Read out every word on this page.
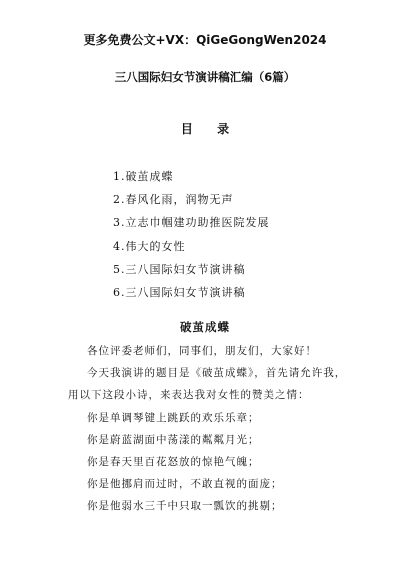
更多免费公文+VX：QiGeGongWen2024
三八国际妇女节演讲稿汇编（6篇）
目 录
1.破茧成蝶
2.春风化雨，润物无声
3.立志巾帼建功助推医院发展
4.伟大的女性
5.三八国际妇女节演讲稿
6.三八国际妇女节演讲稿
破茧成蝶
各位评委老师们，同事们，朋友们，大家好！
今天我演讲的题目是《破茧成蝶》，首先请允许我，
用以下这段小诗，来表达我对女性的赞美之情：
你是单调琴键上跳跃的欢乐乐章；
你是蔚蓝湖面中荡漾的粼粼月光；
你是春天里百花怒放的惊艳气魄；
你是他挪肩而过时，不敢直视的面庞；
你是他弱水三千中只取一瓢饮的挑剔；
